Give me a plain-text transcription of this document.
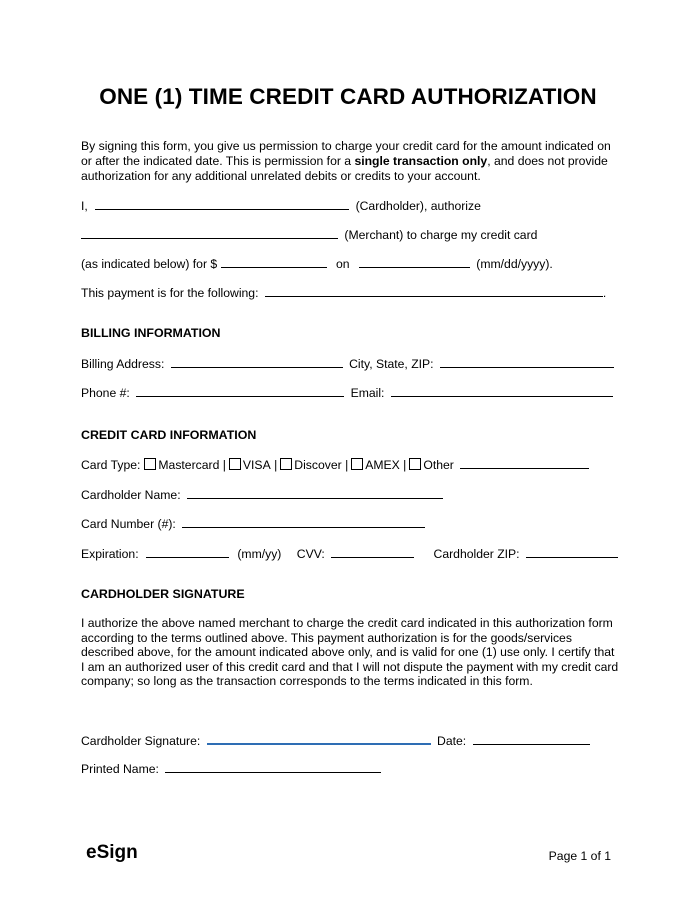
ONE (1) TIME CREDIT CARD AUTHORIZATION
By signing this form, you give us permission to charge your credit card for the amount indicated on or after the indicated date. This is permission for a single transaction only, and does not provide authorization for any additional unrelated debits or credits to your account.
I,	(Cardholder), authorize
(Merchant) to charge my credit card
(as indicated below) for $	on	(mm/dd/yyyy).
This payment is for the following:	.
BILLING INFORMATION
Billing Address:	City, State, ZIP:
Phone #:	Email:
CREDIT CARD INFORMATION
Card Type: Mastercard | VISA | Discover | AMEX | Other
Cardholder Name:
Card Number (#):
Expiration:	(mm/yy) CVV:	Cardholder ZIP:
CARDHOLDER SIGNATURE
I authorize the above named merchant to charge the credit card indicated in this authorization form according to the terms outlined above. This payment authorization is for the goods/services described above, for the amount indicated above only, and is valid for one (1) use only. I certify that I am an authorized user of this credit card and that I will not dispute the payment with my credit card company; so long as the transaction corresponds to the terms indicated in this form.
Cardholder Signature:	Date:
Printed Name:
eSign	Page 1 of 1
